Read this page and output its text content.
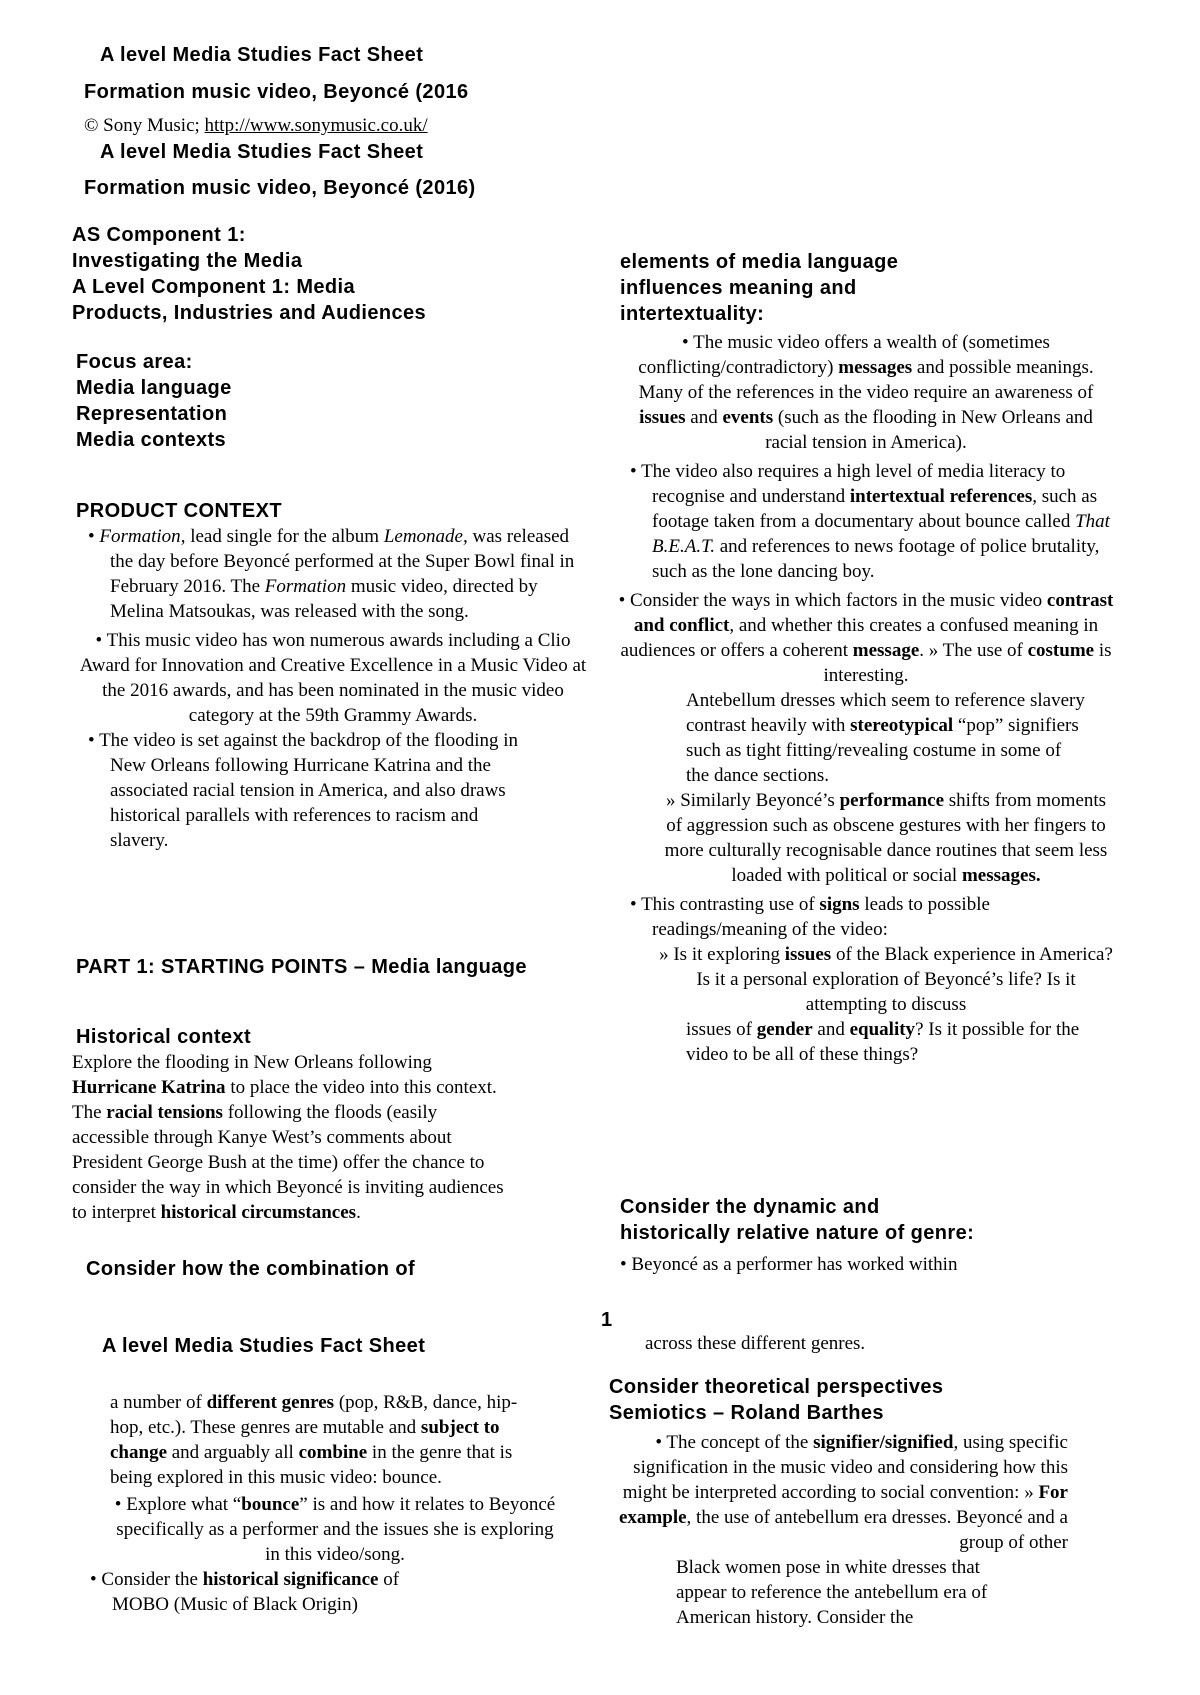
A level Media Studies Fact Sheet
Formation music video, Beyoncé (2016
© Sony Music; http://www.sonymusic.co.uk/
A level Media Studies Fact Sheet
Formation music video, Beyoncé (2016)
AS Component 1:
Investigating the Media
A Level Component 1: Media
Products, Industries and Audiences
Focus area:
Media language
Representation
Media contexts
PRODUCT CONTEXT

• Formation, lead single for the album Lemonade, was released the day before Beyoncé performed at the Super Bowl final in February 2016. The Formation music video, directed by Melina Matsoukas, was released with the song.

• This music video has won numerous awards including a Clio Award for Innovation and Creative Excellence in a Music Video at the 2016 awards, and has been nominated in the music video category at the 59th Grammy Awards.

• The video is set against the backdrop of the flooding in New Orleans following Hurricane Katrina and the associated racial tension in America, and also draws historical parallels with references to racism and slavery.

PART 1: STARTING POINTS – Media language
Historical context
Explore the flooding in New Orleans following Hurricane Katrina to place the video into this context. The racial tensions following the floods (easily accessible through Kanye West’s comments about President George Bush at the time) offer the chance to consider the way in which Beyoncé is inviting audiences to interpret historical circumstances.
Consider how the combination of
elements of media language
influences meaning and
intertextuality:

• The music video offers a wealth of (sometimes conflicting/contradictory) messages and possible meanings. Many of the references in the video require an awareness of issues and events (such as the flooding in New Orleans and racial tension in America).

• The video also requires a high level of media literacy to recognise and understand intertextual references, such as footage taken from a documentary about bounce called That B.E.A.T. and references to news footage of police brutality, such as the lone dancing boy.

• Consider the ways in which factors in the music video contrast and conflict, and whether this creates a confused meaning in audiences or offers a coherent message. » The use of costume is interesting.

Antebellum dresses which seem to reference slavery contrast heavily with stereotypical “pop” signifiers such as tight fitting/revealing costume in some of the dance sections.

» Similarly Beyoncé’s performance shifts from moments of aggression such as obscene gestures with her fingers to more culturally recognisable dance routines that seem less loaded with political or social messages.

• This contrasting use of signs leads to possible readings/meaning of the video:

» Is it exploring issues of the Black experience in America? Is it a personal exploration of Beyoncé’s life? Is it attempting to discuss

issues of gender and equality? Is it possible for the video to be all of these things?

Consider the dynamic and
historically relative nature of genre:
• Beyoncé as a performer has worked within
1
A level Media Studies Fact Sheet

a number of different genres (pop, R&B, dance, hip-hop, etc.). These genres are mutable and subject to change and arguably all combine in the genre that is being explored in this music video: bounce.

• Explore what “bounce” is and how it relates to Beyoncé specifically as a performer and the issues she is exploring in this video/song.

• Consider the historical significance of MOBO (Music of Black Origin)

across these different genres.
Consider theoretical perspectives
Semiotics – Roland Barthes

• The concept of the signifier/signified, using specific signification in the music video and considering how this might be interpreted according to social convention: » For example, the use of antebellum era dresses. Beyoncé and a group of other

Black women pose in white dresses that appear to reference the antebellum era of American history. Consider the
